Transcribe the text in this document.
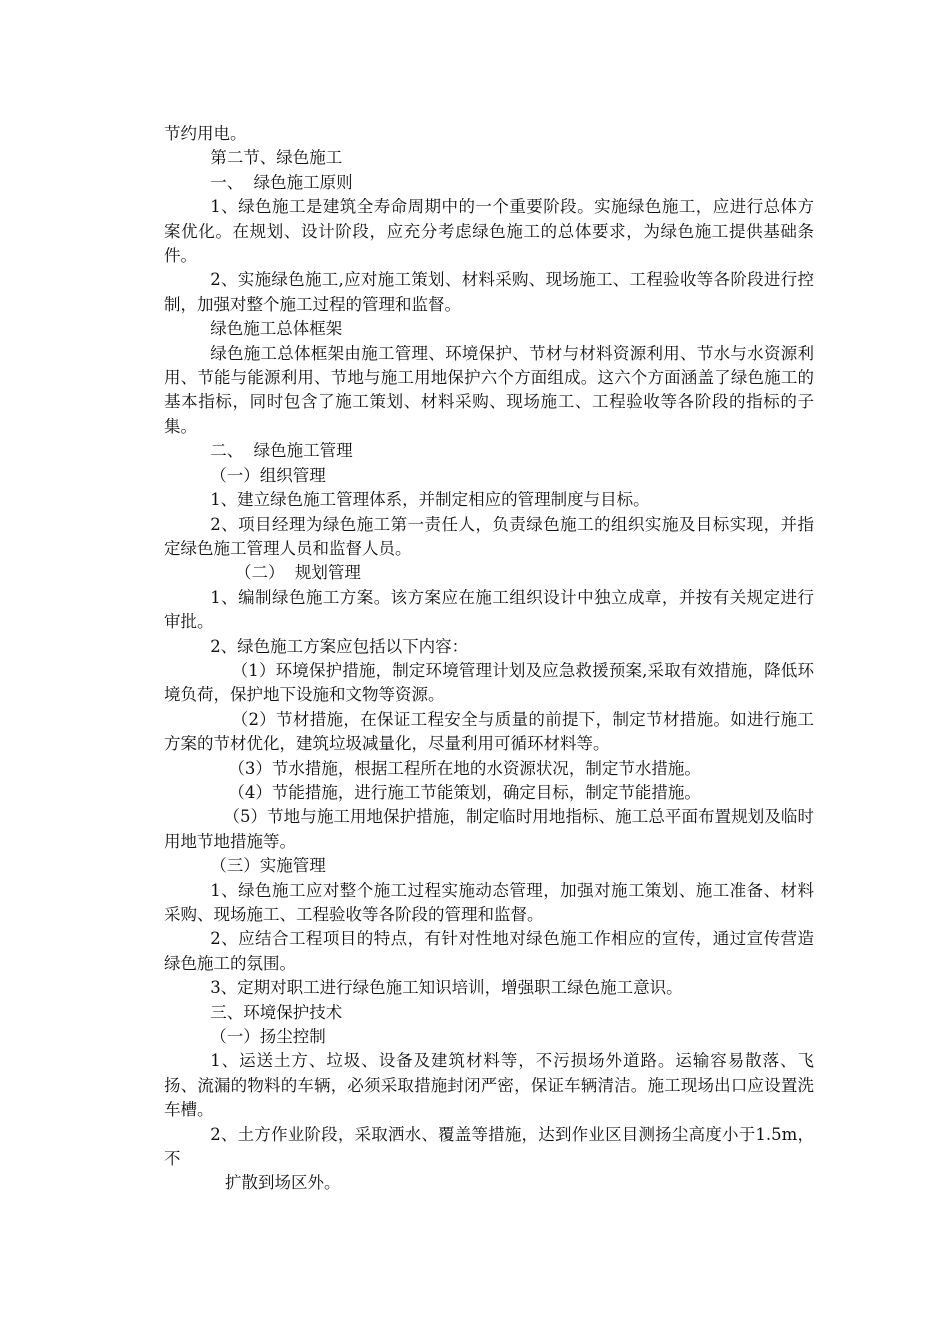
节约用电。

第二节、绿色施工

一、  绿色施工原则

1、绿色施工是建筑全寿命周期中的一个重要阶段。实施绿色施工，应进行总体方案优化。在规划、设计阶段，应充分考虑绿色施工的总体要求，为绿色施工提供基础条件。

2、实施绿色施工,应对施工策划、材料采购、现场施工、工程验收等各阶段进行控制，加强对整个施工过程的管理和监督。

绿色施工总体框架

绿色施工总体框架由施工管理、环境保护、节材与材料资源利用、节水与水资源利用、节能与能源利用、节地与施工用地保护六个方面组成。这六个方面涵盖了绿色施工的基本指标，同时包含了施工策划、材料采购、现场施工、工程验收等各阶段的指标的子集。

二、  绿色施工管理

（一）组织管理

1、建立绿色施工管理体系，并制定相应的管理制度与目标。

2、项目经理为绿色施工第一责任人，负责绿色施工的组织实施及目标实现，并指定绿色施工管理人员和监督人员。

（二）  规划管理

1、编制绿色施工方案。该方案应在施工组织设计中独立成章，并按有关规定进行审批。

2、绿色施工方案应包括以下内容：

（1）环境保护措施，制定环境管理计划及应急救援预案,采取有效措施，降低环境负荷，保护地下设施和文物等资源。

（2）节材措施，在保证工程安全与质量的前提下，制定节材措施。如进行施工方案的节材优化，建筑垃圾减量化，尽量利用可循环材料等。

（3）节水措施，根据工程所在地的水资源状况，制定节水措施。

（4）节能措施，进行施工节能策划，确定目标，制定节能措施。

（5）节地与施工用地保护措施，制定临时用地指标、施工总平面布置规划及临时用地节地措施等。

（三）实施管理

1、绿色施工应对整个施工过程实施动态管理，加强对施工策划、施工准备、材料采购、现场施工、工程验收等各阶段的管理和监督。

2、应结合工程项目的特点，有针对性地对绿色施工作相应的宣传，通过宣传营造绿色施工的氛围。

3、定期对职工进行绿色施工知识培训，增强职工绿色施工意识。

三、环境保护技术

（一）扬尘控制

1、运送土方、垃圾、设备及建筑材料等，不污损场外道路。运输容易散落、飞扬、流漏的物料的车辆，必须采取措施封闭严密，保证车辆清洁。施工现场出口应设置洗车槽。

2、土方作业阶段，采取洒水、覆盖等措施，达到作业区目测扬尘高度小于1.5m，不

扩散到场区外。
